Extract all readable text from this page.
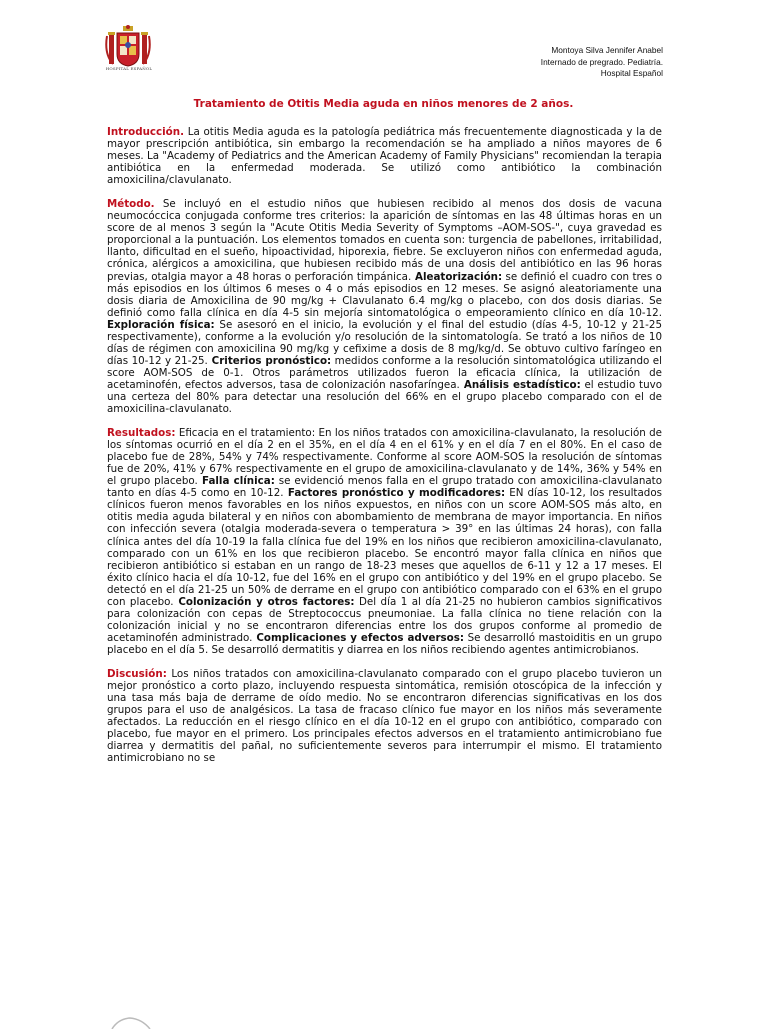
HOSPITAL ESPAÑOL
Montoya Silva Jennifer Anabel
Internado de pregrado. Pediatría.
Hospital Español
Tratamiento de Otitis Media aguda en niños menores de 2 años.

Introducción. La otitis Media aguda es la patología pediátrica más frecuentemente diagnosticada y la de mayor prescripción antibiótica, sin embargo la recomendación se ha ampliado a niños mayores de 6 meses. La "Academy of Pediatrics and the American Academy of Family Physicians" recomiendan la terapia antibiótica en la enfermedad moderada. Se utilizó como antibiótico la combinación amoxicilina/clavulanato.

Método. Se incluyó en el estudio niños que hubiesen recibido al menos dos dosis de vacuna neumocóccica conjugada conforme tres criterios: la aparición de síntomas en las 48 últimas horas en un score de al menos 3 según la "Acute Otitis Media Severity of Symptoms –AOM-SOS-", cuya gravedad es proporcional a la puntuación. Los elementos tomados en cuenta son: turgencia de pabellones, irritabilidad, llanto, dificultad en el sueño, hipoactividad, hiporexia, fiebre. Se excluyeron niños con enfermedad aguda, crónica, alérgicos a amoxicilina, que hubiesen recibido más de una dosis del antibiótico en las 96 horas previas, otalgia mayor a 48 horas o perforación timpánica. Aleatorización: se definió el cuadro con tres o más episodios en los últimos 6 meses o 4 o más episodios en 12 meses. Se asignó aleatoriamente una dosis diaria de Amoxicilina de 90 mg/kg + Clavulanato 6.4 mg/kg o placebo, con dos dosis diarias. Se definió como falla clínica en día 4-5 sin mejoría sintomatológica o empeoramiento clínico en día 10-12. Exploración física: Se asesoró en el inicio, la evolución y el final del estudio (días 4-5, 10-12 y 21-25 respectivamente), conforme a la evolución y/o resolución de la sintomatología. Se trató a los niños de 10 días de régimen con amoxicilina 90 mg/kg y cefixime a dosis de 8 mg/kg/d. Se obtuvo cultivo faríngeo en días 10-12 y 21-25. Criterios pronóstico: medidos conforme a la resolución sintomatológica utilizando el score AOM-SOS de 0-1. Otros parámetros utilizados fueron la eficacia clínica, la utilización de acetaminofén, efectos adversos, tasa de colonización nasofaríngea. Análisis estadístico: el estudio tuvo una certeza del 80% para detectar una resolución del 66% en el grupo placebo comparado con el de amoxicilina-clavulanato.

Resultados: Eficacia en el tratamiento: En los niños tratados con amoxicilina-clavulanato, la resolución de los síntomas ocurrió en el día 2 en el 35%, en el día 4 en el 61% y en el día 7 en el 80%. En el caso de placebo fue de 28%, 54% y 74% respectivamente. Conforme al score AOM-SOS la resolución de síntomas fue de 20%, 41% y 67% respectivamente en el grupo de amoxicilina-clavulanato y de 14%, 36% y 54% en el grupo placebo. Falla clínica: se evidenció menos falla en el grupo tratado con amoxicilina-clavulanato tanto en días 4-5 como en 10-12. Factores pronóstico y modificadores: EN días 10-12, los resultados clínicos fueron menos favorables en los niños expuestos, en niños con un score AOM-SOS más alto, en otitis media aguda bilateral y en niños con abombamiento de membrana de mayor importancia. En niños con infección severa (otalgia moderada-severa o temperatura > 39° en las últimas 24 horas), con falla clínica antes del día 10-19 la falla clínica fue del 19% en los niños que recibieron amoxicilina-clavulanato, comparado con un 61% en los que recibieron placebo. Se encontró mayor falla clínica en niños que recibieron antibiótico si estaban en un rango de 18-23 meses que aquellos de 6-11 y 12 a 17 meses. El éxito clínico hacia el día 10-12, fue del 16% en el grupo con antibiótico y del 19% en el grupo placebo. Se detectó en el día 21-25 un 50% de derrame en el grupo con antibiótico comparado con el 63% en el grupo con placebo. Colonización y otros factores: Del día 1 al día 21-25 no hubieron cambios significativos para colonización con cepas de Streptococcus pneumoniae. La falla clínica no tiene relación con la colonización inicial y no se encontraron diferencias entre los dos grupos conforme al promedio de acetaminofén administrado. Complicaciones y efectos adversos: Se desarrolló mastoiditis en un grupo placebo en el día 5. Se desarrolló dermatitis y diarrea en los niños recibiendo agentes antimicrobianos.

Discusión: Los niños tratados con amoxicilina-clavulanato comparado con el grupo placebo tuvieron un mejor pronóstico a corto plazo, incluyendo respuesta sintomática, remisión otoscópica de la infección y una tasa más baja de derrame de oído medio. No se encontraron diferencias significativas en los dos grupos para el uso de analgésicos. La tasa de fracaso clínico fue mayor en los niños más severamente afectados. La reducción en el riesgo clínico en el día 10-12 en el grupo con antibiótico, comparado con placebo, fue mayor en el primero. Los principales efectos adversos en el tratamiento antimicrobiano fue diarrea y dermatitis del pañal, no suficientemente severos para interrumpir el mismo. El tratamiento antimicrobiano no se
